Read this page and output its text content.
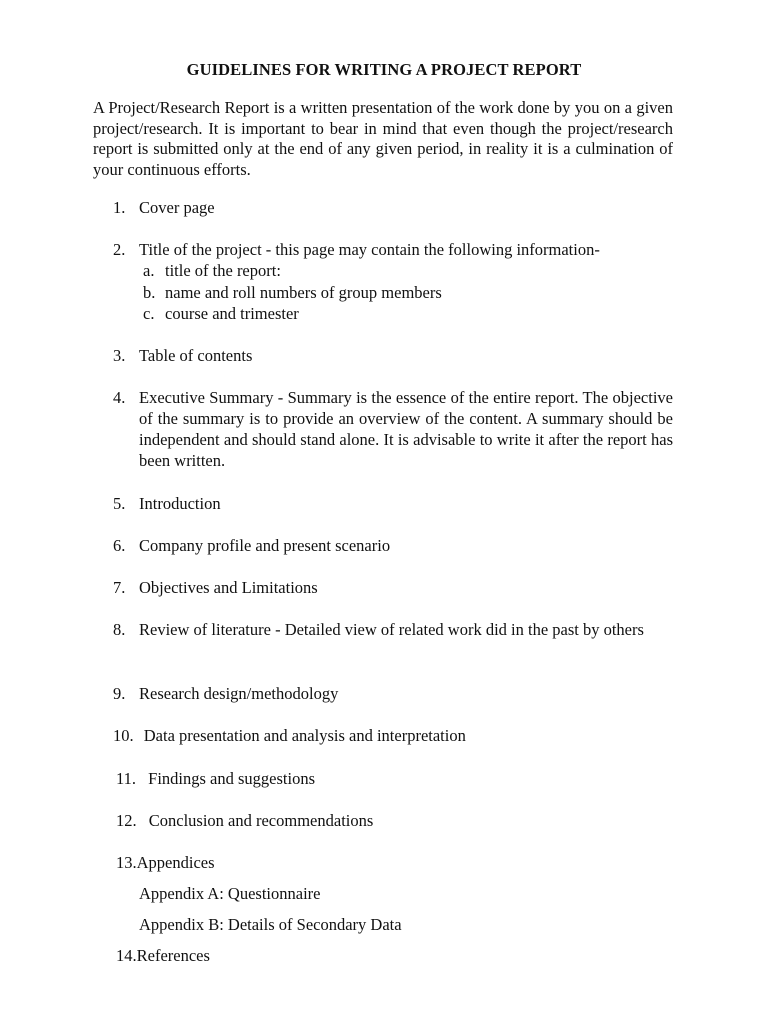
GUIDELINES FOR WRITING A PROJECT REPORT
A Project/Research Report is a written presentation of the work done by you on a given project/research. It is important to bear in mind that even though the project/research report is submitted only at the end of any given period, in reality it is a culmination of your continuous efforts.
1. Cover page
2. Title of the project - this page may contain the following information-
a. title of the report:
b. name and roll numbers of group members
c. course and trimester
3. Table of contents
4. Executive Summary - Summary is the essence of the entire report. The objective of the summary is to provide an overview of the content. A summary should be independent and should stand alone. It is advisable to write it after the report has been written.
5. Introduction
6. Company profile and present scenario
7. Objectives and Limitations
8. Review of literature - Detailed view of related work did in the past by others
9. Research design/methodology
10. Data presentation and analysis and interpretation
11. Findings and suggestions
12. Conclusion and recommendations
13.Appendices
Appendix A: Questionnaire
Appendix B: Details of Secondary Data
14.References
